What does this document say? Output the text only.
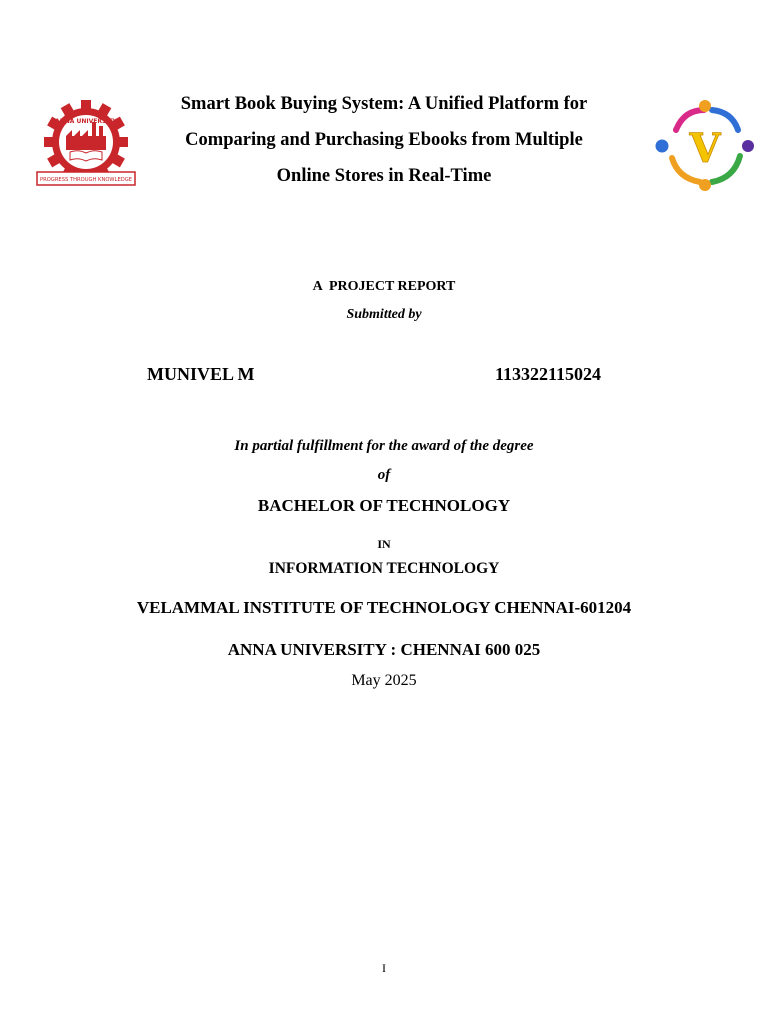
ANNA UNIVERSITY
PROGRESS THROUGH KNOWLEDGE
Smart Book Buying System: A Unified Platform for
Comparing and Purchasing Ebooks from Multiple
Online Stores in Real-Time
V
A  PROJECT REPORT
Submitted by
MUNIVEL M	113322115024
In partial fulfillment for the award of the degree
of
BACHELOR OF TECHNOLOGY
IN
INFORMATION TECHNOLOGY
VELAMMAL INSTITUTE OF TECHNOLOGY CHENNAI-601204
ANNA UNIVERSITY : CHENNAI 600 025
May 2025
I
